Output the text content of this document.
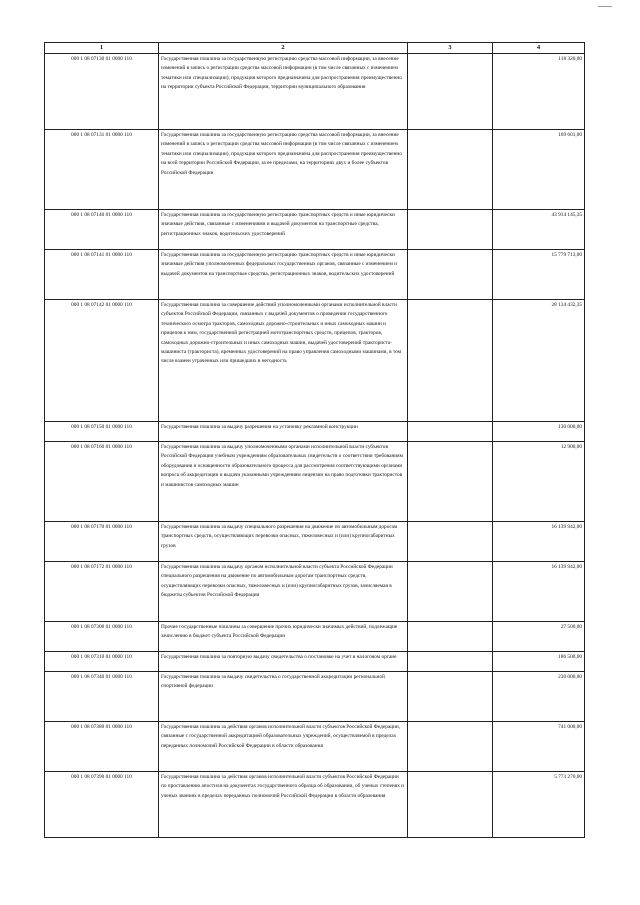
1	2	3	4
000 1 08 07130 01 0000 110	Государственная пошлина за государственную регистрацию средства массовой информации, за внесение изменений в запись о регистрации средства массовой информации (в том числе связанных с изменением тематики или специализации), продукция которого предназначена для распространения преимущественно на территории субъекта Российской Федерации, территории муниципального образования		118 320,00
000 1 08 07131 01 0000 110	Государственная пошлина за государственную регистрацию средства массовой информации, за внесение изменений в запись о регистрации средства массовой информации (в том числе связанных с изменением тематики или специализации), продукция которого предназначена для распространения преимущественно на всей территории Российской Федерации, за ее пределами, на территориях двух и более субъектов Российской Федерации		169 601,00
000 1 08 07140 01 0000 110	Государственная пошлина за государственную регистрацию транспортных средств и иные юридически значимые действия, связанные с изменениями и выдачей документов на транспортные средства, регистрационных знаков, водительских удостоверений		43 914 145,35
000 1 08 07141 01 0000 110	Государственная пошлина за государственную регистрацию транспортных средств и иные юридически значимые действия уполномоченных федеральных государственных органов, связанные с изменением и выдачей документов на транспортные средства, регистрационных знаков, водительских удостоверений		15 779 713,00
000 1 08 07142 01 0000 110	Государственная пошлина за совершение действий уполномоченными органами исполнительной власти субъектов Российской Федерации, связанных с выдачей документов о проведении государственного технического осмотра тракторов, самоходных дорожно-строительных и иных самоходных машин и прицепов к ним, государственной регистрацией мототранспортных средств, прицепов, тракторов, самоходных дорожно-строительных и иных самоходных машин, выдачей удостоверений тракториста-машиниста (тракториста), временных удостоверений на право управления самоходными машинами, в том числе взамен утраченных или пришедших в негодность		28 134 432,35
000 1 08 07150 01 0000 110	Государственная пошлина за выдачу разрешения на установку рекламной конструкции		130 000,00
000 1 08 07160 01 0000 110	Государственная пошлина за выдачу уполномоченными органами исполнительной власти субъектов Российской Федерации учебным учреждениям образовательных свидетельств о соответствии требованиям оборудования и оснащенности образовательного процесса для рассмотрения соответствующими органами вопроса об аккредитации и выдачи указанными учреждениям лицензии на право подготовки трактористов и машинистов самоходных машин		12 900,00
000 1 08 07170 01 0000 110	Государственная пошлина за выдачу специального разрешения на движение по автомобильным дорогам транспортных средств, осуществляющих перевозки опасных, тяжеловесных и (или) крупногабаритных грузов		16 139 942,00
000 1 08 07172 01 0000 110	Государственная пошлина за выдачу органом исполнительной власти субъекта Российской Федерации специального разрешения на движение по автомобильным дорогам транспортных средств, осуществляющих перевозки опасных, тяжеловесных и (или) крупногабаритных грузов, зачисляемая в бюджеты субъектов Российской Федерации		16 139 942,00
000 1 08 07300 01 0000 110	Прочие государственные пошлины за совершение прочих юридически значимых действий, подлежащие зачислению в бюджет субъекта Российской Федерации		27 500,00
000 1 08 07310 01 0000 110	Государственная пошлина за повторную выдачу свидетельства о постановке на учет в налоговом органе		186 500,00
000 1 08 07340 01 0000 110	Государственная пошлина за выдачу свидетельства о государственной аккредитации региональной спортивной федерации		230 000,00
000 1 08 07380 01 0000 110	Государственная пошлина за действия органов исполнительной власти субъектов Российской Федерации, связанные с государственной аккредитацией образовательных учреждений, осуществляемой в пределах переданных полномочий Российской Федерации в области образования		741 000,00
000 1 08 07390 01 0000 110	Государственная пошлина за действия органов исполнительной власти субъектов Российской Федерации по проставлению апостиля на документах государственного образца об образовании, об ученых степенях и ученых званиях в пределах переданных полномочий Российской Федерации в области образования		5 773 270,00
